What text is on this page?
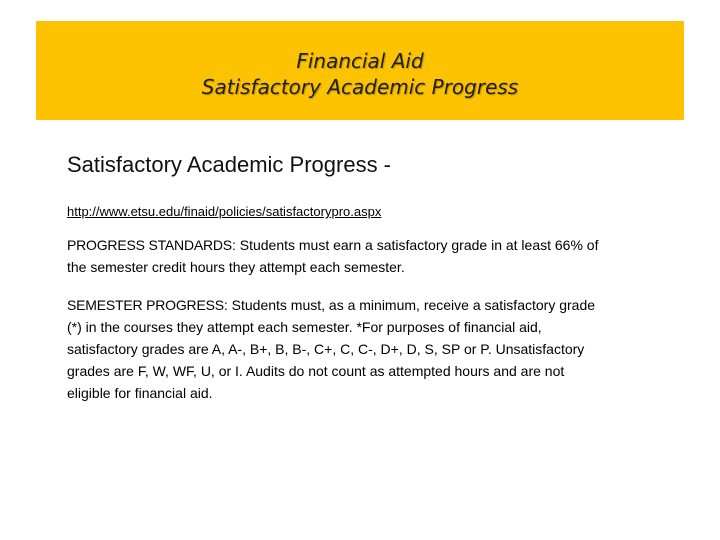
Financial Aid
Satisfactory Academic Progress

Satisfactory Academic Progress -

http://www.etsu.edu/finaid/policies/satisfactorypro.aspx

PROGRESS STANDARDS: Students must earn a satisfactory grade in at least 66% of the semester credit hours they attempt each semester.

SEMESTER PROGRESS: Students must, as a minimum, receive a satisfactory grade (*) in the courses they attempt each semester. *For purposes of financial aid, satisfactory grades are A, A-, B+, B, B-, C+, C, C-, D+, D, S, SP or P. Unsatisfactory grades are F, W, WF, U, or I. Audits do not count as attempted hours and are not eligible for financial aid.
